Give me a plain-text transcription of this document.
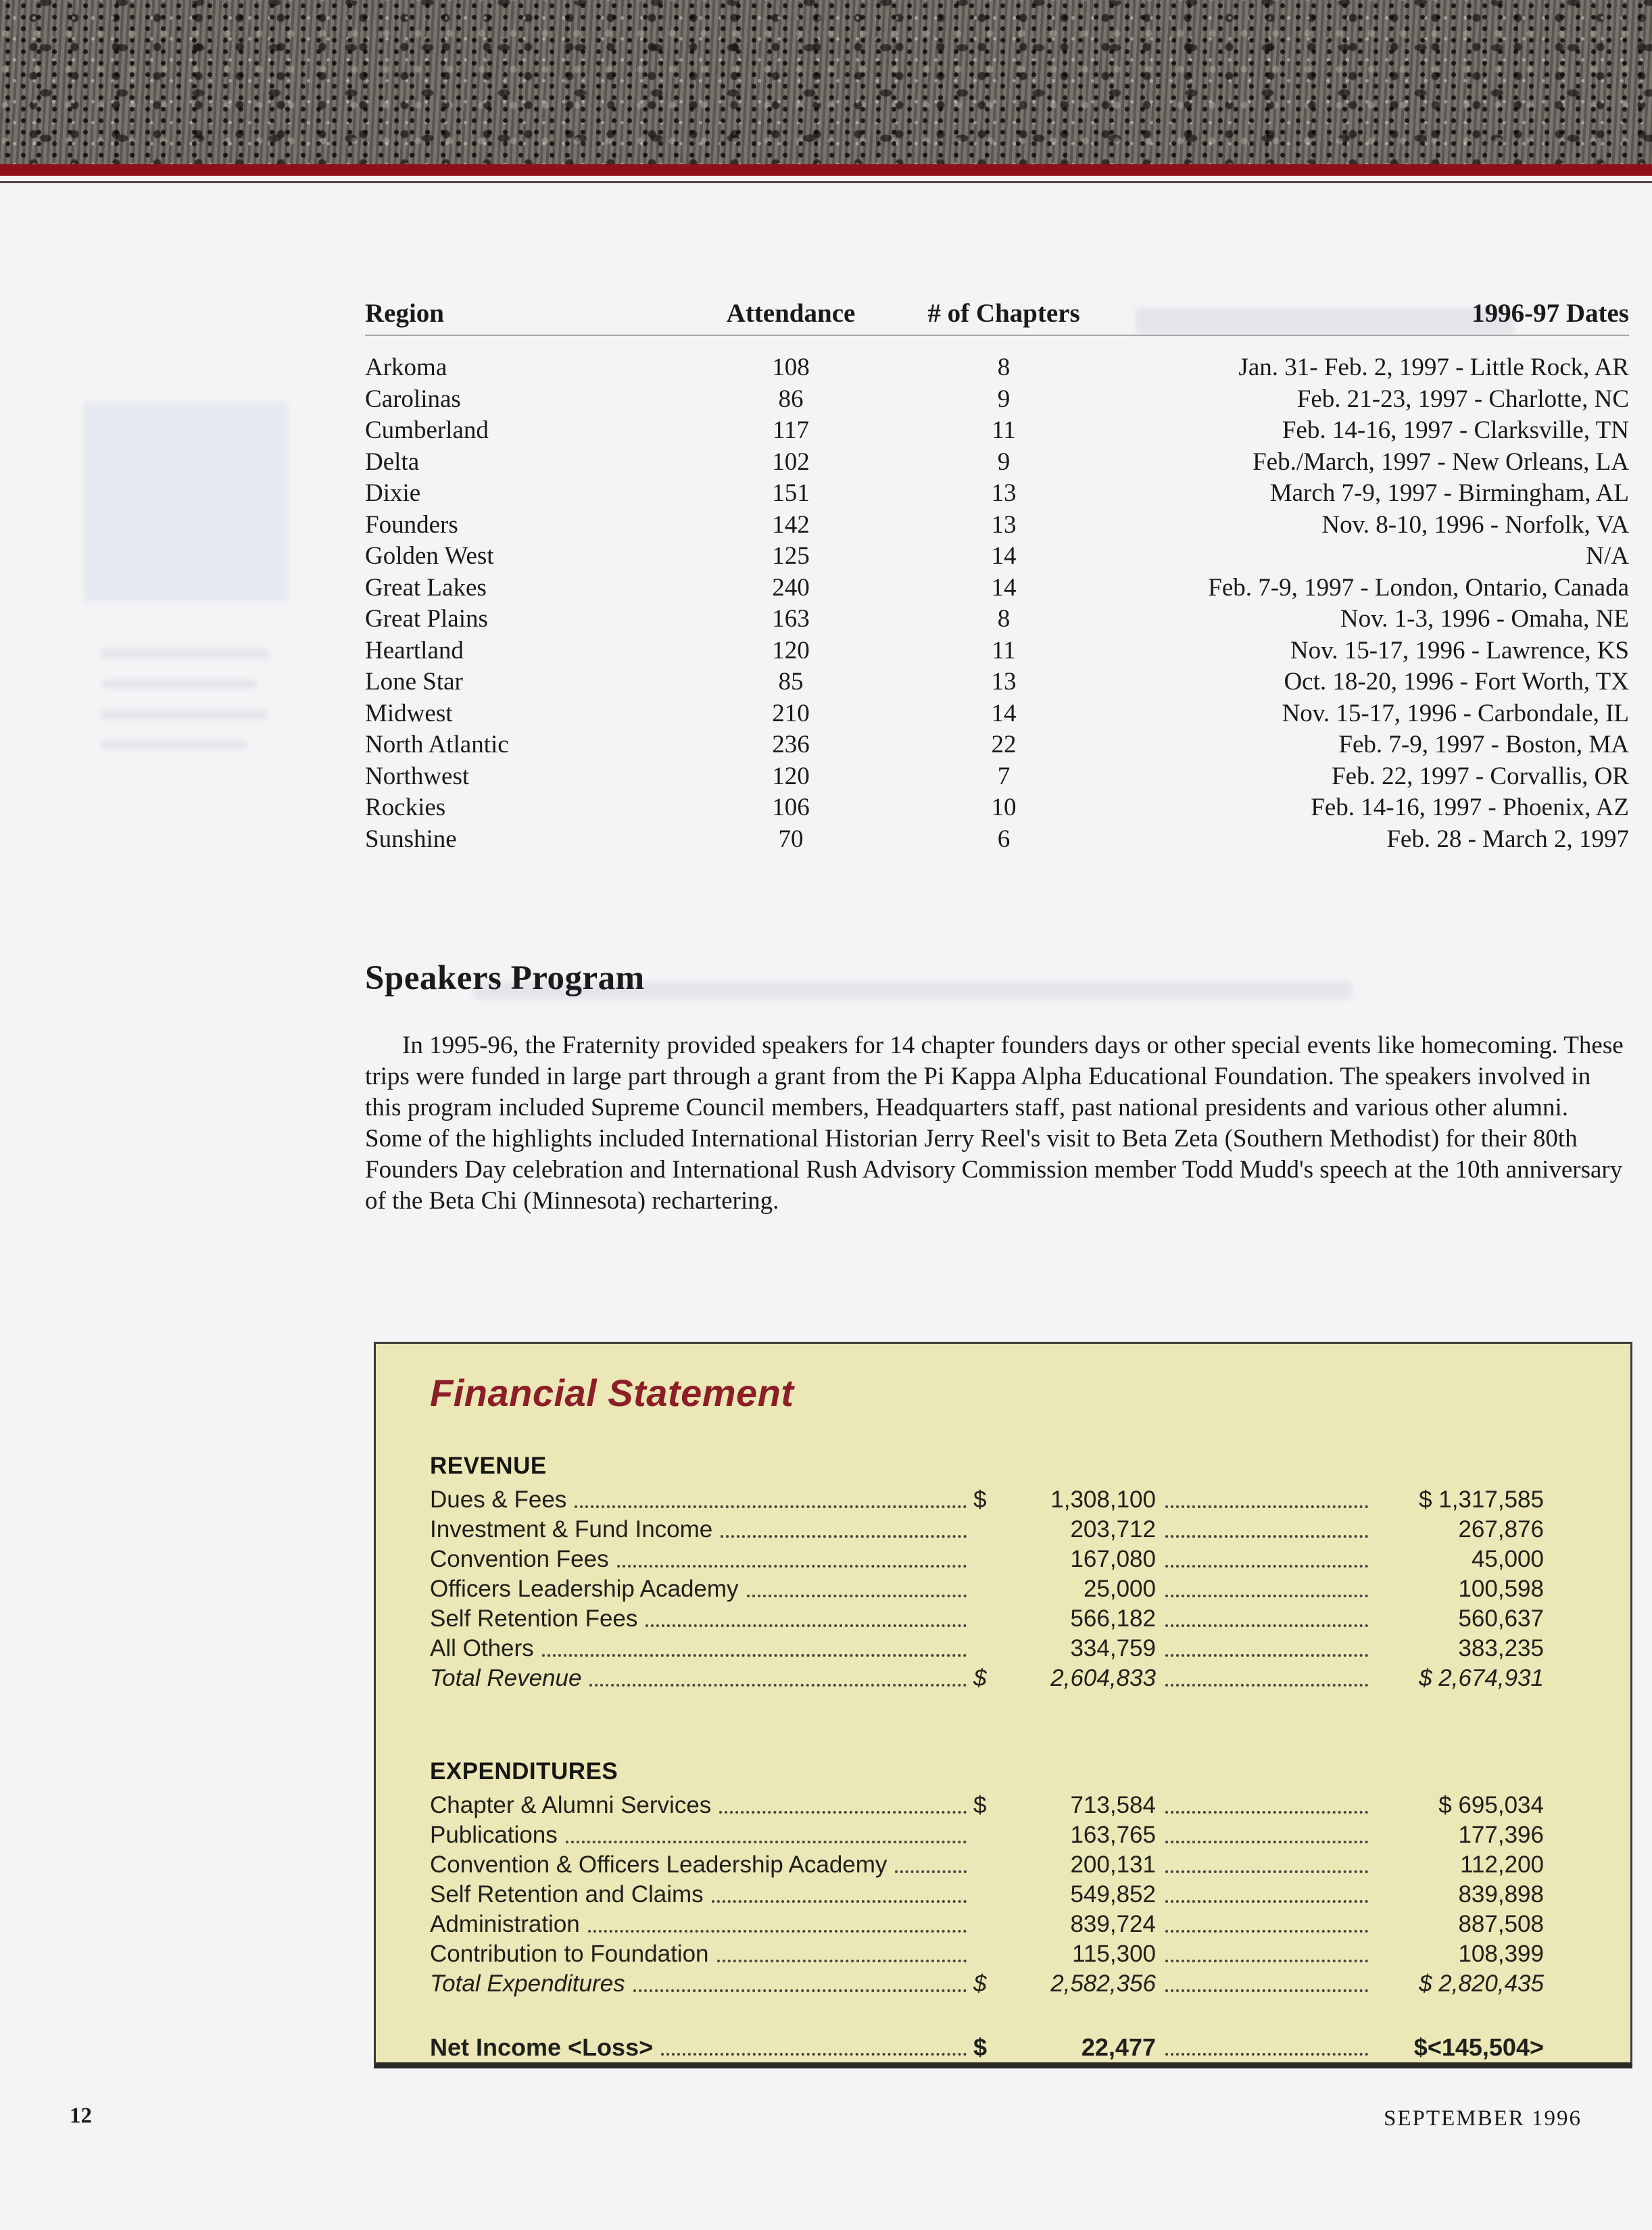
Region	Attendance	# of Chapters	1996-97 Dates
Arkoma	108	8	Jan. 31- Feb. 2, 1997 - Little Rock, AR
Carolinas	86	9	Feb. 21-23, 1997 - Charlotte, NC
Cumberland	117	11	Feb. 14-16, 1997 - Clarksville, TN
Delta	102	9	Feb./March, 1997 - New Orleans, LA
Dixie	151	13	March 7-9, 1997 - Birmingham, AL
Founders	142	13	Nov. 8-10, 1996 - Norfolk, VA
Golden West	125	14	N/A
Great Lakes	240	14	Feb. 7-9, 1997 - London, Ontario, Canada
Great Plains	163	8	Nov. 1-3, 1996 - Omaha, NE
Heartland	120	11	Nov. 15-17, 1996 - Lawrence, KS
Lone Star	85	13	Oct. 18-20, 1996 - Fort Worth, TX
Midwest	210	14	Nov. 15-17, 1996 - Carbondale, IL
North Atlantic	236	22	Feb. 7-9, 1997 - Boston, MA
Northwest	120	7	Feb. 22, 1997 - Corvallis, OR
Rockies	106	10	Feb. 14-16, 1997 - Phoenix, AZ
Sunshine	70	6	Feb. 28 - March 2, 1997
Speakers Program
In 1995-96, the Fraternity provided speakers for 14 chapter founders days or other special events like homecoming. These trips were funded in large part through a grant from the Pi Kappa Alpha Educational Foundation. The speakers involved in this program included Supreme Council members, Headquarters staff, past national presidents and various other alumni. Some of the highlights included International Historian Jerry Reel's visit to Beta Zeta (Southern Methodist) for their 80th Founders Day celebration and International Rush Advisory Commission member Todd Mudd's speech at the 10th anniversary of the Beta Chi (Minnesota) rechartering.
Financial Statement
REVENUE
Dues & Fees	$	1,308,100	$ 1,317,585
Investment & Fund Income	203,712	267,876
Convention Fees	167,080	45,000
Officers Leadership Academy	25,000	100,598
Self Retention Fees	566,182	560,637
All Others	334,759	383,235
Total Revenue	$	2,604,833	$ 2,674,931
EXPENDITURES
Chapter & Alumni Services	$	713,584	$ 695,034
Publications	163,765	177,396
Convention & Officers Leadership Academy	200,131	112,200
Self Retention and Claims	549,852	839,898
Administration	839,724	887,508
Contribution to Foundation	115,300	108,399
Total Expenditures	$	2,582,356	$ 2,820,435
Net Income <Loss>	$	22,477	$<145,504>
12	SEPTEMBER 1996
